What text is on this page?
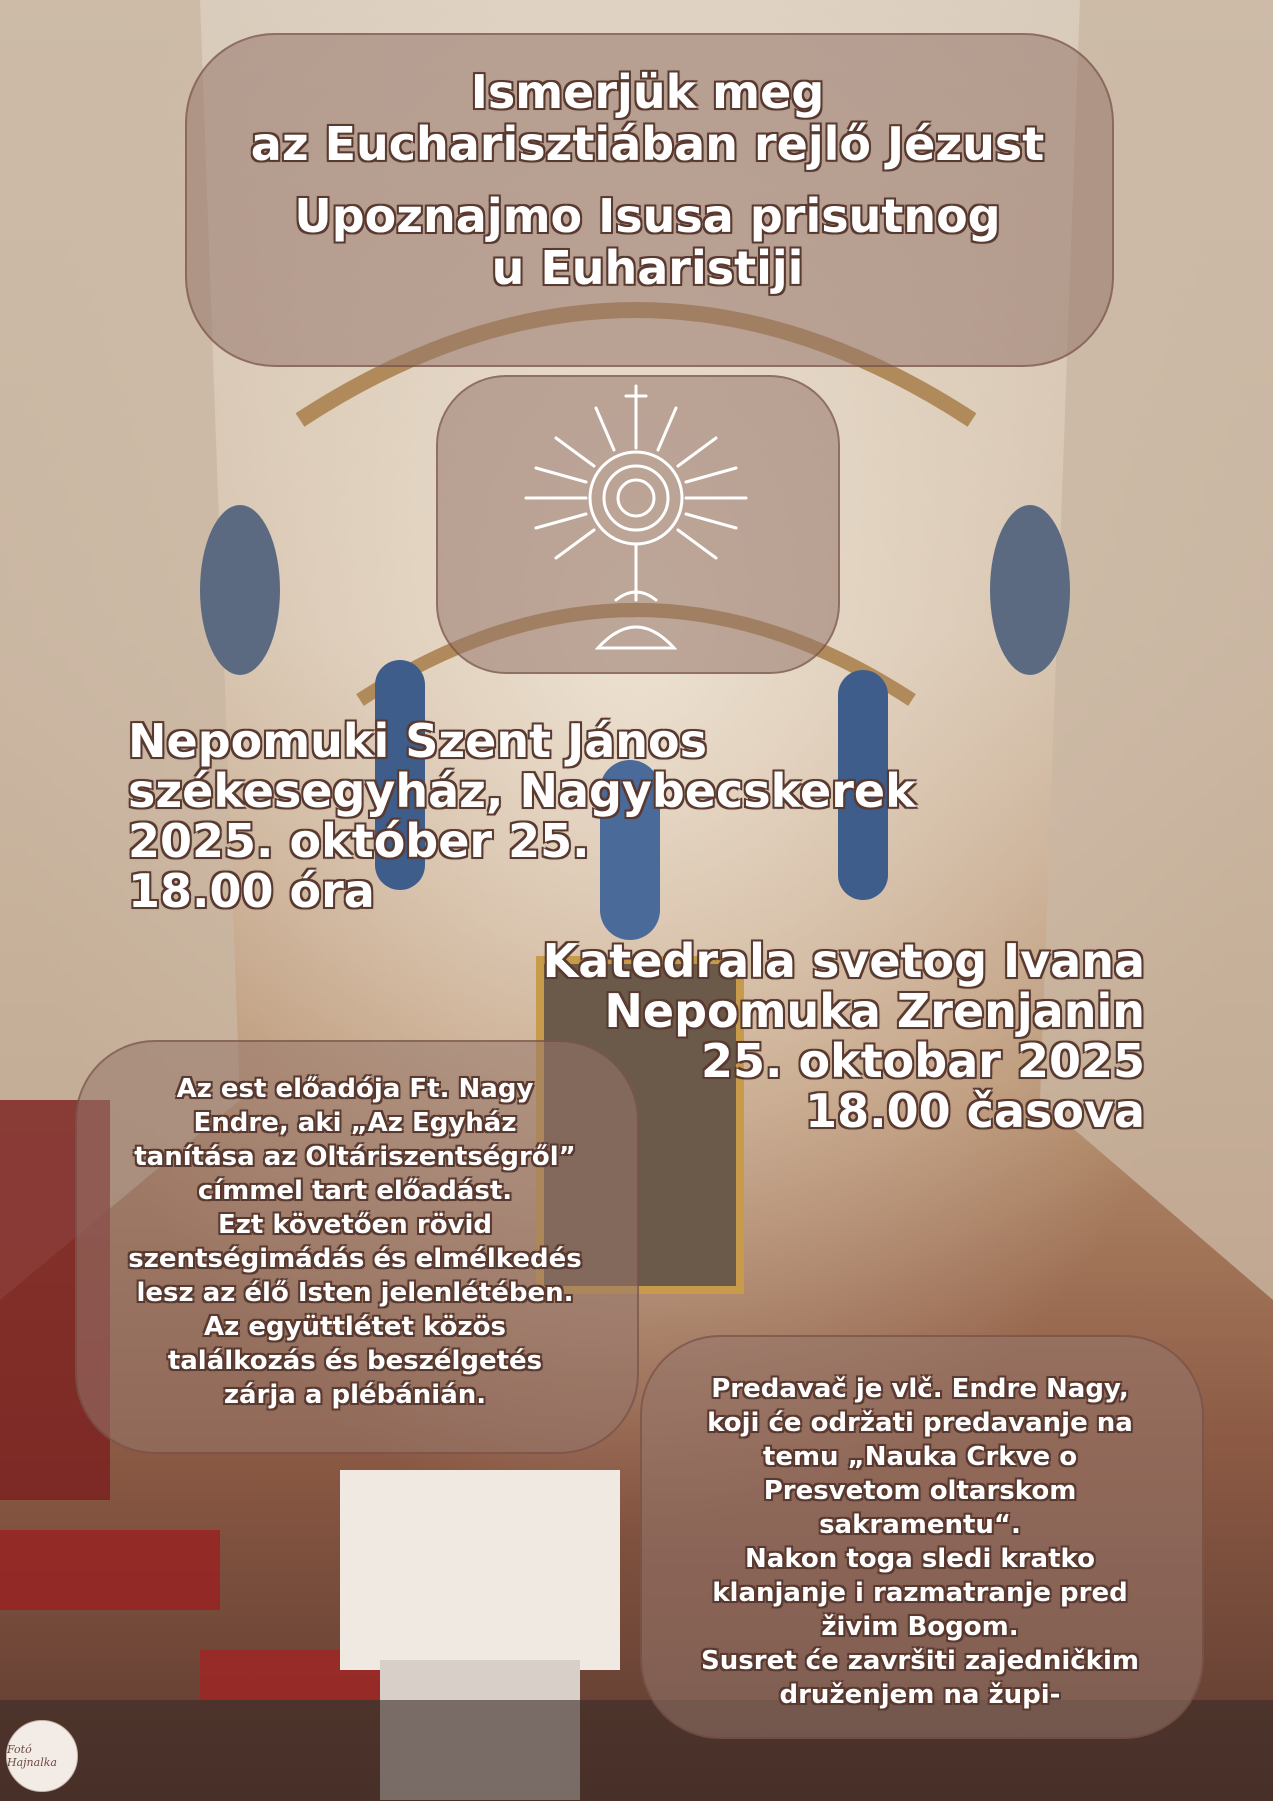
Ismerjük meg
az Eucharisztiában rejlő Jézust
Upoznajmo Isusa prisutnog
u Euharistiji
Nepomuki Szent János
székesegyház, Nagybecskerek
2025. október 25.
18.00 óra
Katedrala svetog Ivana
Nepomuka Zrenjanin
25. oktobar 2025
18.00 časova
Az est előadója Ft. Nagy
Endre, aki „Az Egyház
tanítása az Oltáriszentségről”
címmel tart előadást.
Ezt követően rövid
szentségimádás és elmélkedés
lesz az élő Isten jelenlétében.
Az együttlétet közös
találkozás és beszélgetés
zárja a plébánián.	Predavač je vlč. Endre Nagy,
koji će održati predavanje na
temu „Nauka Crkve o
Presvetom oltarskom
sakramentu“.
Nakon toga sledi kratko
klanjanje i razmatranje pred
živim Bogom.
Susret će završiti zajedničkim
druženjem na župi-
Fotó Hajnalka
